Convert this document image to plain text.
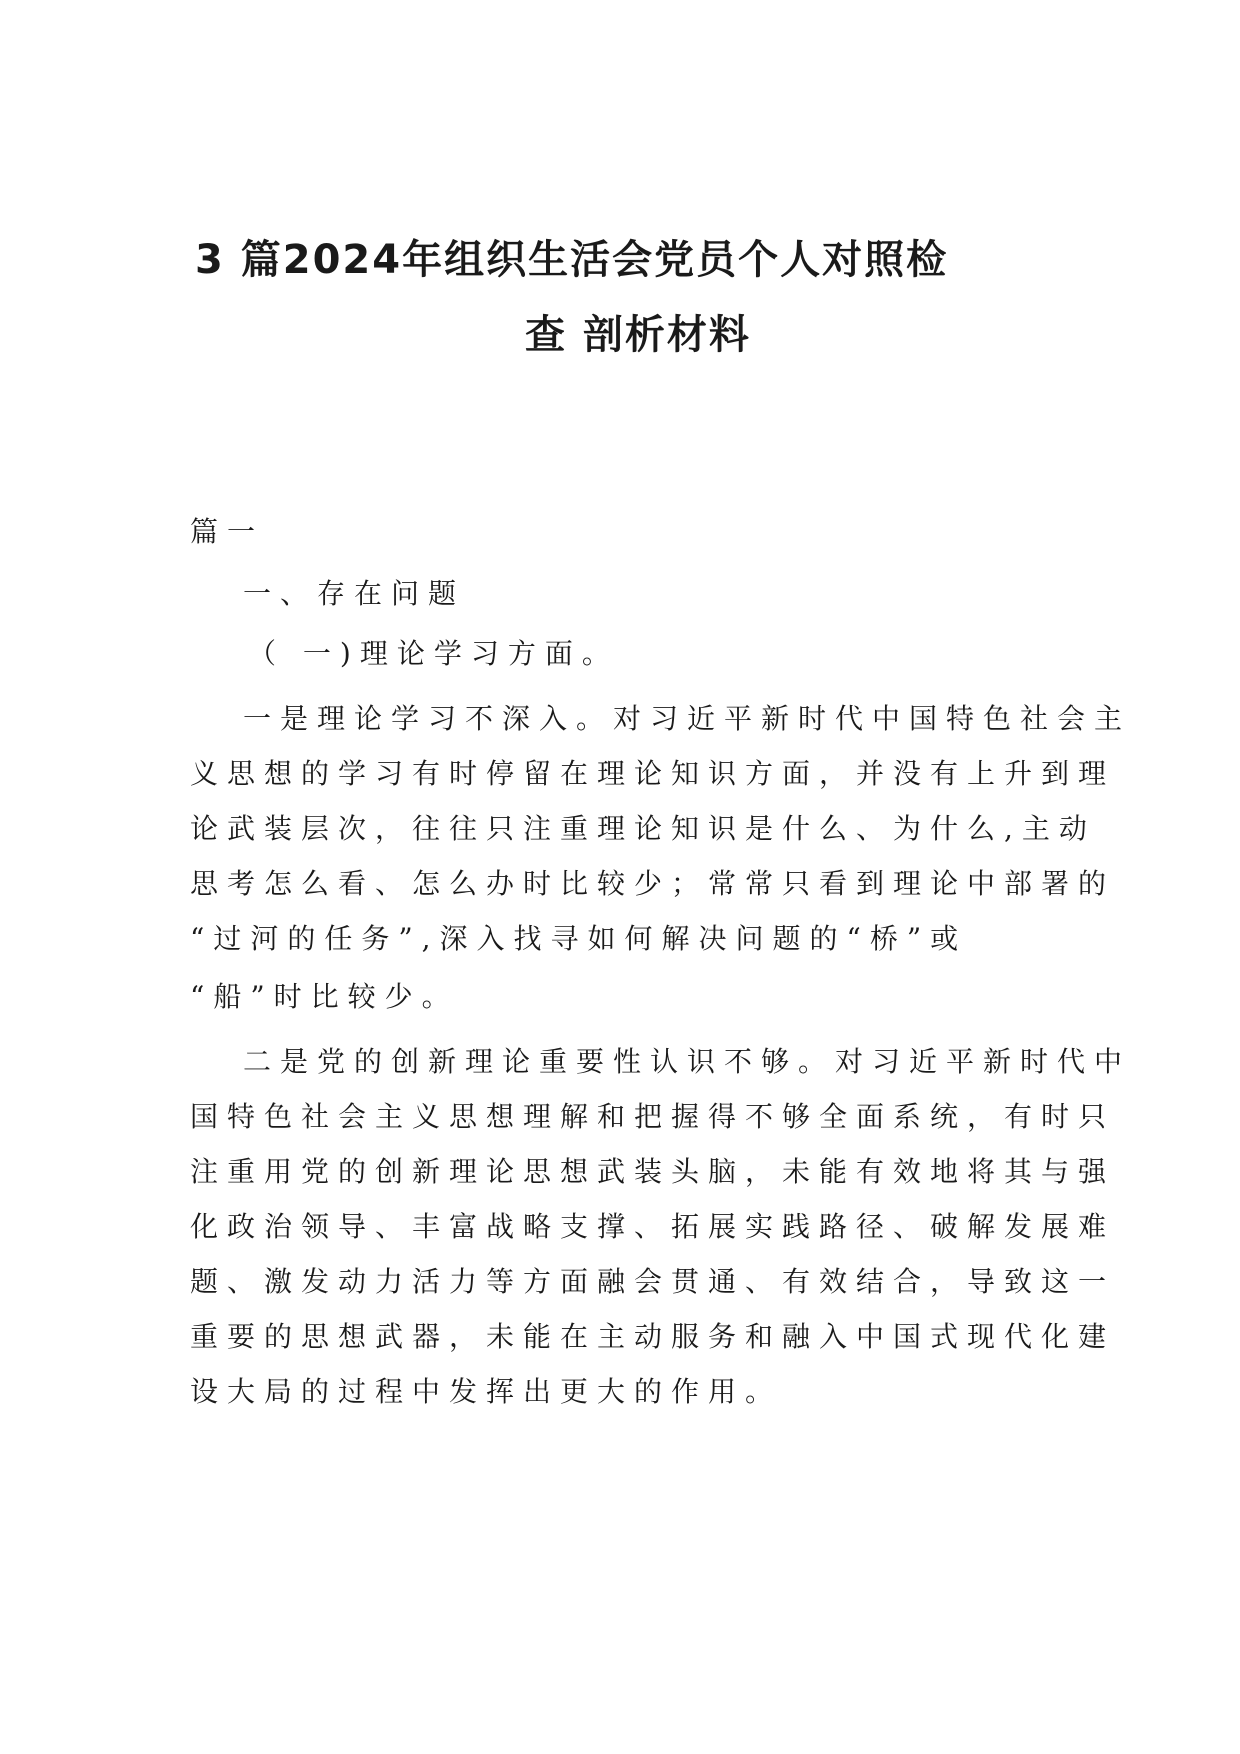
3 篇2024年组织生活会党员个人对照检
查 剖析材料

篇一

一、存在问题

（ 一)理论学习方面。

一是理论学习不深入。对习近平新时代中国特色社会主

义思想的学习有时停留在理论知识方面，并没有上升到理

论武装层次，往往只注重理论知识是什么、为什么,主动

思考怎么看、怎么办时比较少；常常只看到理论中部署的

“过河的任务”,深入找寻如何解决问题的“桥”或

“船”时比较少。

二是党的创新理论重要性认识不够。对习近平新时代中

国特色社会主义思想理解和把握得不够全面系统，有时只

注重用党的创新理论思想武装头脑，未能有效地将其与强

化政治领导、丰富战略支撑、拓展实践路径、破解发展难

题、激发动力活力等方面融会贯通、有效结合，导致这一

重要的思想武器，未能在主动服务和融入中国式现代化建

设大局的过程中发挥出更大的作用。
